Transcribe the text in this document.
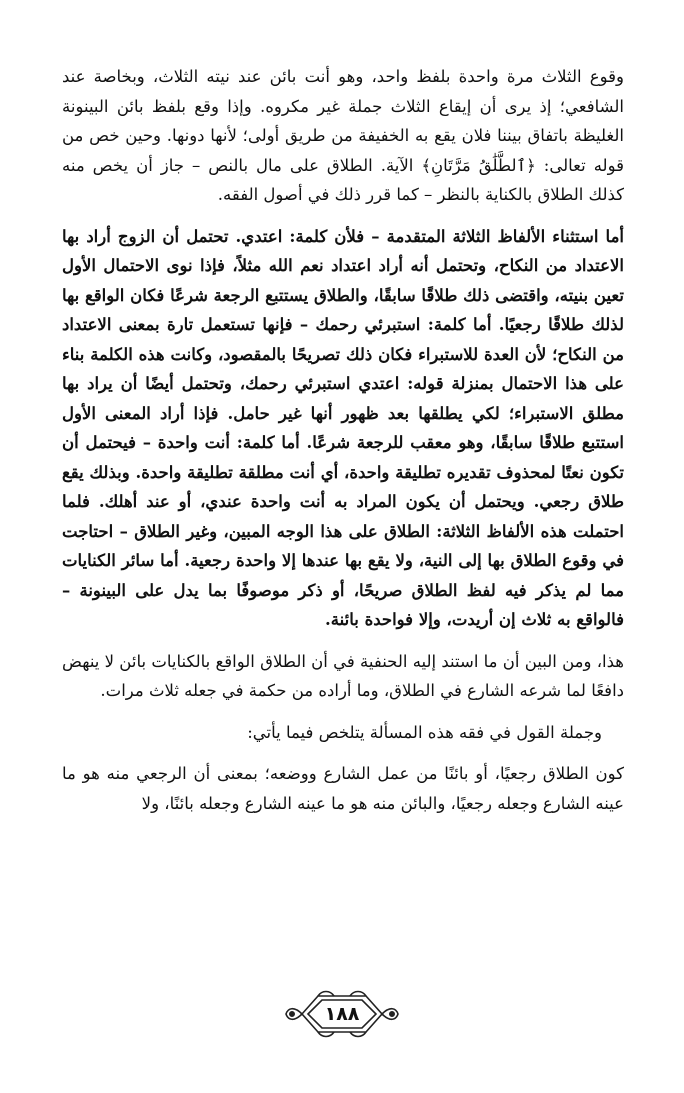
وقوع الثلاث مرة واحدة بلفظ واحد، وهو أنت بائن عند نيته الثلاث، وبخاصة عند الشافعي؛ إذ يرى أن إيقاع الثلاث جملة غير مكروه. وإذا وقع بلفظ بائن البينونة الغليظة باتفاق بيننا فلان يقع به الخفيفة من طريق أولى؛ لأنها دونها. وحين خص من قوله تعالى: ﴿ٱلطَّلَٰقُ مَرَّتَانِ﴾ الآية. الطلاق على مال بالنص – جاز أن يخص منه كذلك الطلاق بالكناية بالنظر – كما قرر ذلك في أصول الفقه.

أما استثناء الألفاظ الثلاثة المتقدمة – فلأن كلمة: اعتدي. تحتمل أن الزوج أراد بها الاعتداد من النكاح، وتحتمل أنه أراد اعتداد نعم الله مثلاً، فإذا نوى الاحتمال الأول تعين بنيته، واقتضى ذلك طلاقًا سابقًا، والطلاق يستتبع الرجعة شرعًا فكان الواقع بها لذلك طلاقًا رجعيًا. أما كلمة: استبرئي رحمك – فإنها تستعمل تارة بمعنى الاعتداد من النكاح؛ لأن العدة للاستبراء فكان ذلك تصريحًا بالمقصود، وكانت هذه الكلمة بناء على هذا الاحتمال بمنزلة قوله: اعتدي استبرئي رحمك، وتحتمل أيضًا أن يراد بها مطلق الاستبراء؛ لكي يطلقها بعد ظهور أنها غير حامل. فإذا أراد المعنى الأول استتبع طلاقًا سابقًا، وهو معقب للرجعة شرعًا. أما كلمة: أنت واحدة – فيحتمل أن تكون نعتًا لمحذوف تقديره تطليقة واحدة، أي أنت مطلقة تطليقة واحدة. وبذلك يقع طلاق رجعي. ويحتمل أن يكون المراد به أنت واحدة عندي، أو عند أهلك. فلما احتملت هذه الألفاظ الثلاثة: الطلاق على هذا الوجه المبين، وغير الطلاق – احتاجت في وقوع الطلاق بها إلى النية، ولا يقع بها عندها إلا واحدة رجعية. أما سائر الكنايات مما لم يذكر فيه لفظ الطلاق صريحًا، أو ذكر موصوفًا بما يدل على البينونة – فالواقع به ثلاث إن أريدت، وإلا فواحدة بائنة.

هذا، ومن البين أن ما استند إليه الحنفية في أن الطلاق الواقع بالكنايات بائن لا ينهض دافعًا لما شرعه الشارع في الطلاق، وما أراده من حكمة في جعله ثلاث مرات.

وجملة القول في فقه هذه المسألة يتلخص فيما يأتي:

كون الطلاق رجعيًا، أو بائنًا من عمل الشارع ووضعه؛ بمعنى أن الرجعي منه هو ما عينه الشارع وجعله رجعيًا، والبائن منه هو ما عينه الشارع وجعله بائنًا، ولا

١٨٨
